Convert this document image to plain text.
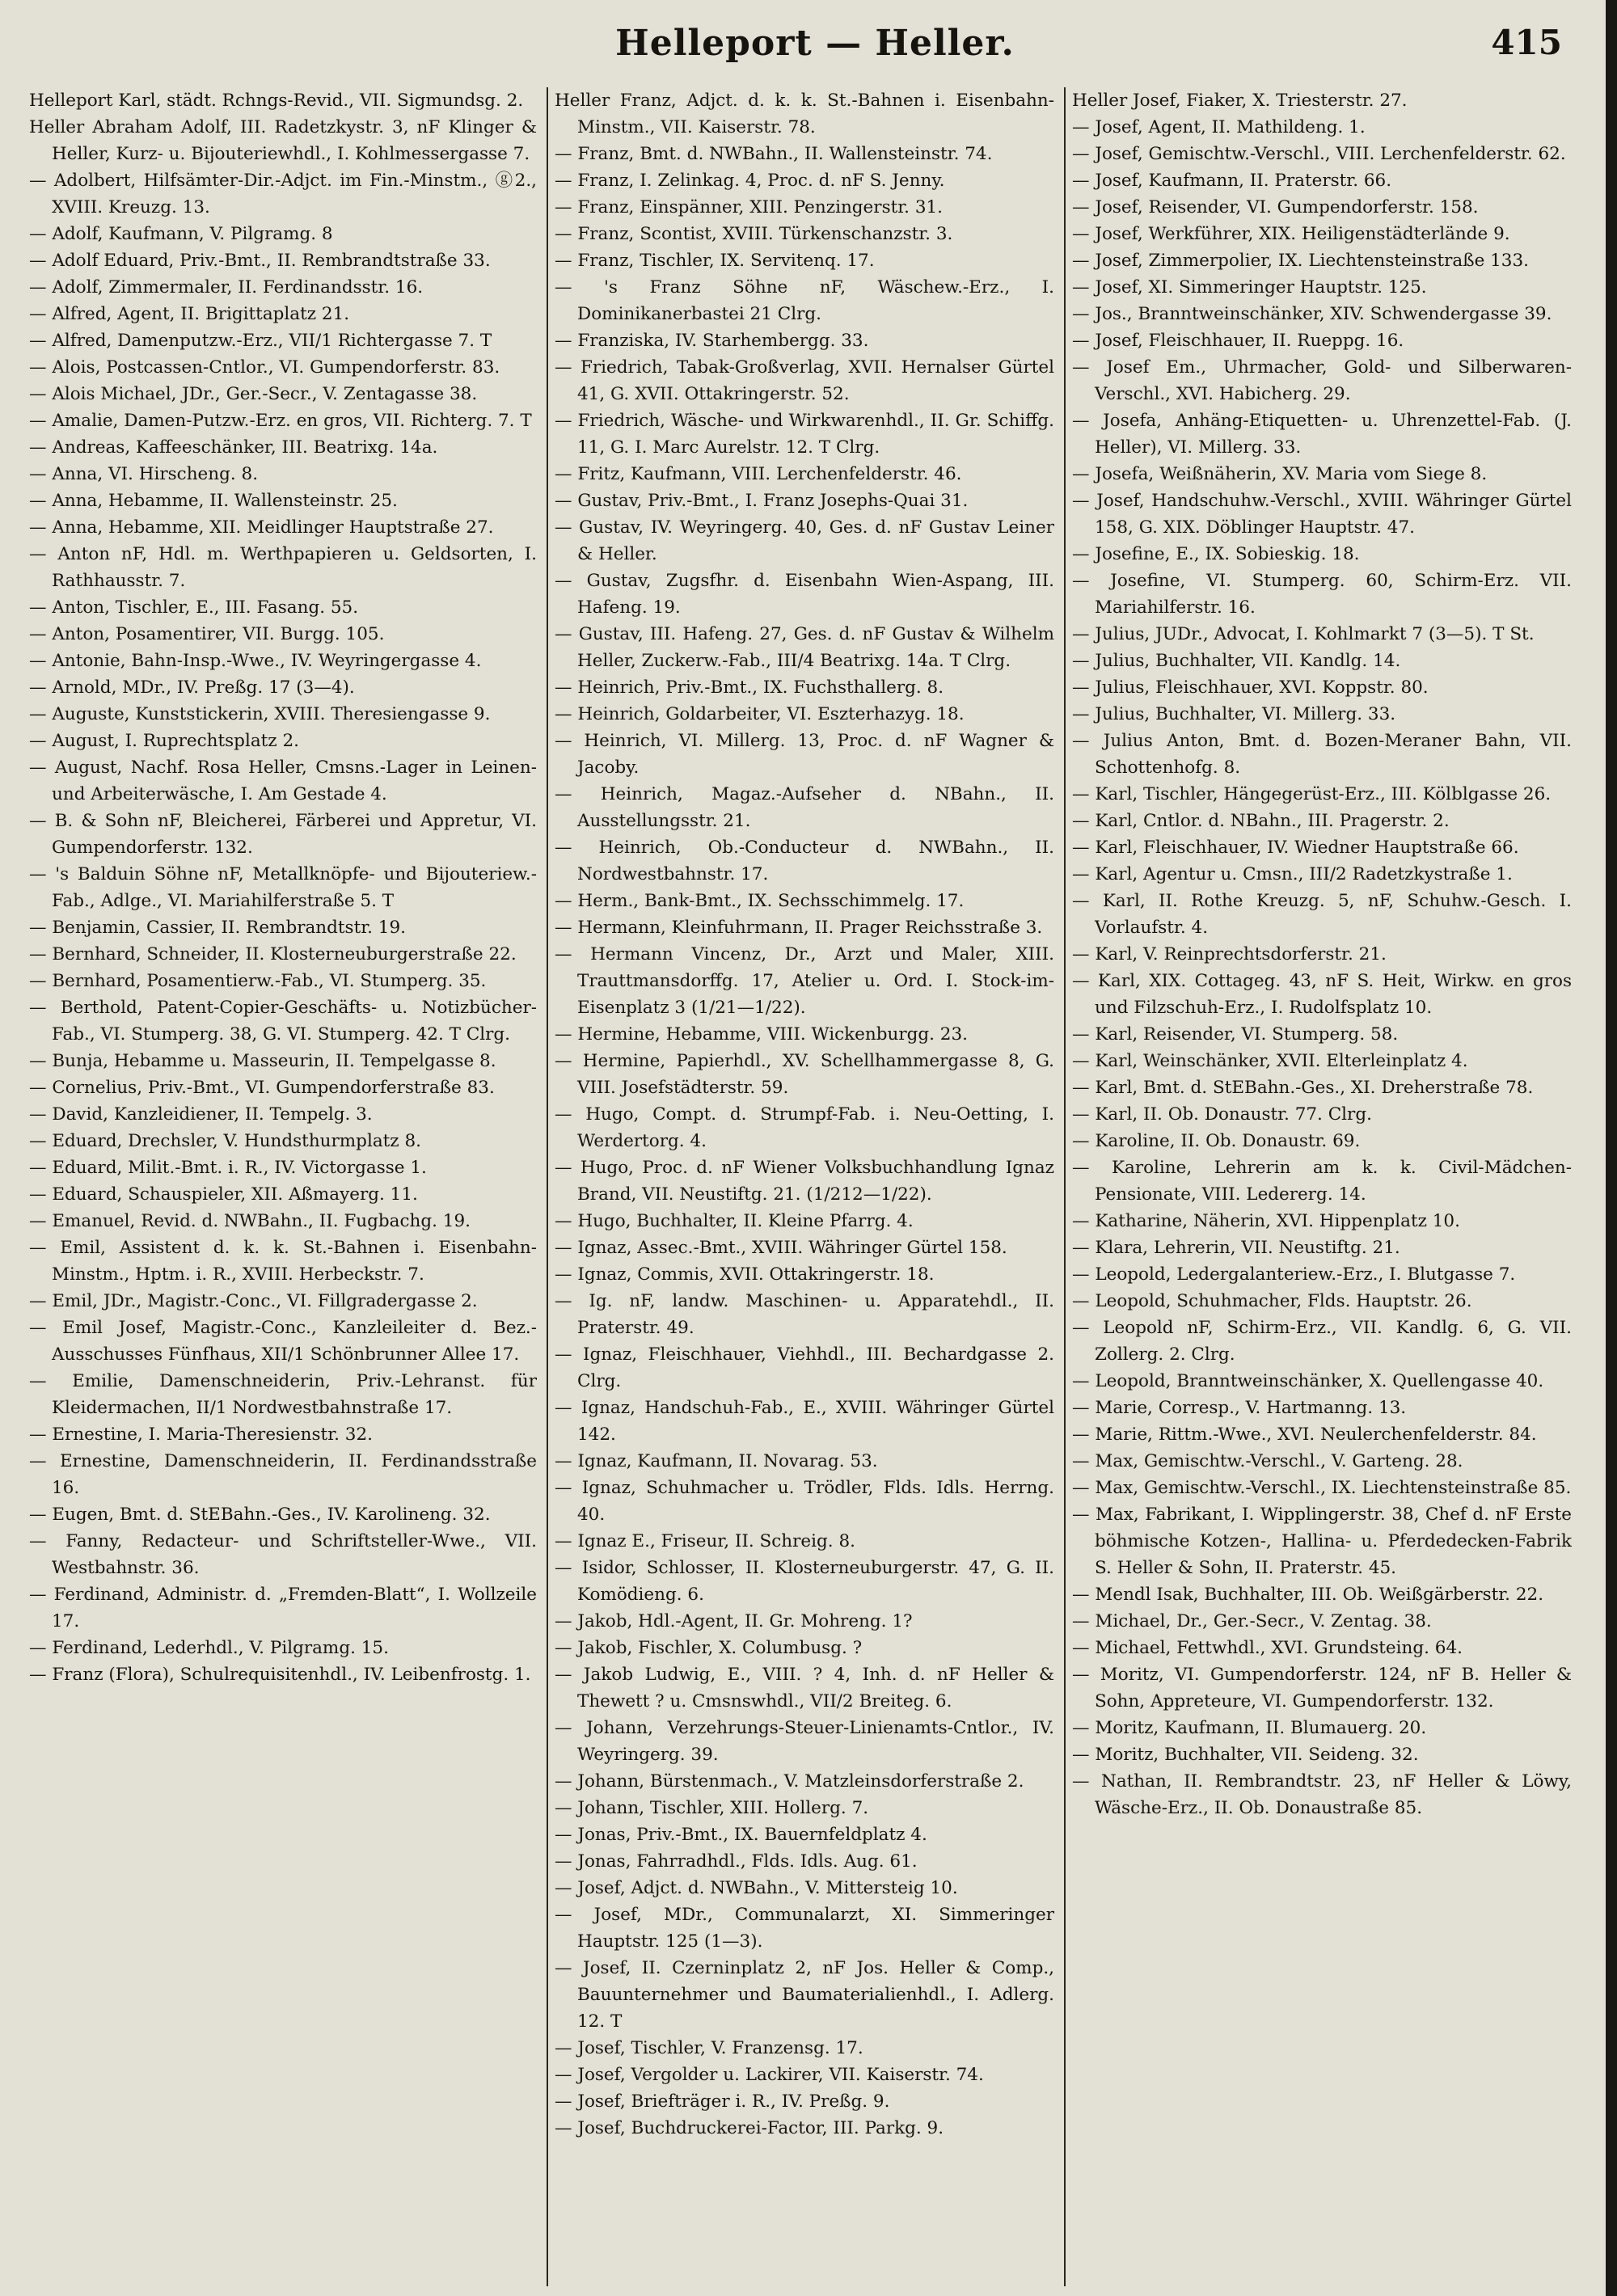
Helleport — Heller.	415

Helleport Karl, städt. Rchngs-Revid., VII. Sigmundsg. 2.

Heller Abraham Adolf, III. Radetzkystr. 3, nF Klinger & Heller, Kurz- u. Bijouteriewhdl., I. Kohlmessergasse 7.

— Adolbert, Hilfsämter-Dir.-Adjct. im Fin.-Minstm., ⓖ2., XVIII. Kreuzg. 13.

— Adolf, Kaufmann, V. Pilgramg. 8

— Adolf Eduard, Priv.-Bmt., II. Rembrandtstraße 33.

— Adolf, Zimmermaler, II. Ferdinandsstr. 16.

— Alfred, Agent, II. Brigittaplatz 21.

— Alfred, Damenputzw.-Erz., VII/1 Richtergasse 7. T

— Alois, Postcassen-Cntlor., VI. Gumpendorferstr. 83.

— Alois Michael, JDr., Ger.-Secr., V. Zentagasse 38.

— Amalie, Damen-Putzw.-Erz. en gros, VII. Richterg. 7. T

— Andreas, Kaffeeschänker, III. Beatrixg. 14a.

— Anna, VI. Hirscheng. 8.

— Anna, Hebamme, II. Wallensteinstr. 25.

— Anna, Hebamme, XII. Meidlinger Hauptstraße 27.

— Anton nF, Hdl. m. Werthpapieren u. Geldsorten, I. Rathhausstr. 7.

— Anton, Tischler, E., III. Fasang. 55.

— Anton, Posamentirer, VII. Burgg. 105.

— Antonie, Bahn-Insp.-Wwe., IV. Weyringergasse 4.

— Arnold, MDr., IV. Preßg. 17 (3—4).

— Auguste, Kunststickerin, XVIII. Theresiengasse 9.

— August, I. Ruprechtsplatz 2.

— August, Nachf. Rosa Heller, Cmsns.-Lager in Leinen- und Arbeiterwäsche, I. Am Gestade 4.

— B. & Sohn nF, Bleicherei, Färberei und Appretur, VI. Gumpendorferstr. 132.

— 's Balduin Söhne nF, Metallknöpfe- und Bijouteriew.-Fab., Adlge., VI. Mariahilferstraße 5. T

— Benjamin, Cassier, II. Rembrandtstr. 19.

— Bernhard, Schneider, II. Klosterneuburgerstraße 22.

— Bernhard, Posamentierw.-Fab., VI. Stumperg. 35.

— Berthold, Patent-Copier-Geschäfts- u. Notizbücher-Fab., VI. Stumperg. 38, G. VI. Stumperg. 42. T Clrg.

— Bunja, Hebamme u. Masseurin, II. Tempelgasse 8.

— Cornelius, Priv.-Bmt., VI. Gumpendorferstraße 83.

— David, Kanzleidiener, II. Tempelg. 3.

— Eduard, Drechsler, V. Hundsthurmplatz 8.

— Eduard, Milit.-Bmt. i. R., IV. Victorgasse 1.

— Eduard, Schauspieler, XII. Aßmayerg. 11.

— Emanuel, Revid. d. NWBahn., II. Fugbachg. 19.

— Emil, Assistent d. k. k. St.-Bahnen i. Eisenbahn-Minstm., Hptm. i. R., XVIII. Herbeckstr. 7.

— Emil, JDr., Magistr.-Conc., VI. Fillgradergasse 2.

— Emil Josef, Magistr.-Conc., Kanzleileiter d. Bez.-Ausschusses Fünfhaus, XII/1 Schönbrunner Allee 17.

— Emilie, Damenschneiderin, Priv.-Lehranst. für Kleidermachen, II/1 Nordwestbahnstraße 17.

— Ernestine, I. Maria-Theresienstr. 32.

— Ernestine, Damenschneiderin, II. Ferdinandsstraße 16.

— Eugen, Bmt. d. StEBahn.-Ges., IV. Karolineng. 32.

— Fanny, Redacteur- und Schriftsteller-Wwe., VII. Westbahnstr. 36.

— Ferdinand, Administr. d. „Fremden-Blatt“, I. Wollzeile 17.

— Ferdinand, Lederhdl., V. Pilgramg. 15.

— Franz (Flora), Schulrequisitenhdl., IV. Leibenfrostg. 1.

Heller Franz, Adjct. d. k. k. St.-Bahnen i. Eisenbahn-Minstm., VII. Kaiserstr. 78.

— Franz, Bmt. d. NWBahn., II. Wallensteinstr. 74.

— Franz, I. Zelinkag. 4, Proc. d. nF S. Jenny.

— Franz, Einspänner, XIII. Penzingerstr. 31.

— Franz, Scontist, XVIII. Türkenschanzstr. 3.

— Franz, Tischler, IX. Servitenq. 17.

— 's Franz Söhne nF, Wäschew.-Erz., I. Dominikanerbastei 21 Clrg.

— Franziska, IV. Starhembergg. 33.

— Friedrich, Tabak-Großverlag, XVII. Hernalser Gürtel 41, G. XVII. Ottakringerstr. 52.

— Friedrich, Wäsche- und Wirkwarenhdl., II. Gr. Schiffg. 11, G. I. Marc Aurelstr. 12. T Clrg.

— Fritz, Kaufmann, VIII. Lerchenfelderstr. 46.

— Gustav, Priv.-Bmt., I. Franz Josephs-Quai 31.

— Gustav, IV. Weyringerg. 40, Ges. d. nF Gustav Leiner & Heller.

— Gustav, Zugsfhr. d. Eisenbahn Wien-Aspang, III. Hafeng. 19.

— Gustav, III. Hafeng. 27, Ges. d. nF Gustav & Wilhelm Heller, Zuckerw.-Fab., III/4 Beatrixg. 14a. T Clrg.

— Heinrich, Priv.-Bmt., IX. Fuchsthallerg. 8.

— Heinrich, Goldarbeiter, VI. Eszterhazyg. 18.

— Heinrich, VI. Millerg. 13, Proc. d. nF Wagner & Jacoby.

— Heinrich, Magaz.-Aufseher d. NBahn., II. Ausstellungsstr. 21.

— Heinrich, Ob.-Conducteur d. NWBahn., II. Nordwestbahnstr. 17.

— Herm., Bank-Bmt., IX. Sechsschimmelg. 17.

— Hermann, Kleinfuhrmann, II. Prager Reichsstraße 3.

— Hermann Vincenz, Dr., Arzt und Maler, XIII. Trauttmansdorffg. 17, Atelier u. Ord. I. Stock-im-Eisenplatz 3 (1/21—1/22).

— Hermine, Hebamme, VIII. Wickenburgg. 23.

— Hermine, Papierhdl., XV. Schellhammergasse 8, G. VIII. Josefstädterstr. 59.

— Hugo, Compt. d. Strumpf-Fab. i. Neu-Oetting, I. Werdertorg. 4.

— Hugo, Proc. d. nF Wiener Volksbuchhandlung Ignaz Brand, VII. Neustiftg. 21. (1/212—1/22).

— Hugo, Buchhalter, II. Kleine Pfarrg. 4.

— Ignaz, Assec.-Bmt., XVIII. Währinger Gürtel 158.

— Ignaz, Commis, XVII. Ottakringerstr. 18.

— Ig. nF, landw. Maschinen- u. Apparatehdl., II. Praterstr. 49.

— Ignaz, Fleischhauer, Viehhdl., III. Bechardgasse 2. Clrg.

— Ignaz, Handschuh-Fab., E., XVIII. Währinger Gürtel 142.

— Ignaz, Kaufmann, II. Novarag. 53.

— Ignaz, Schuhmacher u. Trödler, Flds. Idls. Herrng. 40.

— Ignaz E., Friseur, II. Schreig. 8.

— Isidor, Schlosser, II. Klosterneuburgerstr. 47, G. II. Komödieng. 6.

— Jakob, Hdl.-Agent, II. Gr. Mohreng. 1?

— Jakob, Fischler, X. Columbusg. ?

— Jakob Ludwig, E., VIII. ? 4, Inh. d. nF Heller & Thewett ? u. Cmsnswhdl., VII/2 Breiteg. 6.

— Johann, Verzehrungs-Steuer-Linienamts-Cntlor., IV. Weyringerg. 39.

— Johann, Bürstenmach., V. Matzleinsdorferstraße 2.

— Johann, Tischler, XIII. Hollerg. 7.

— Jonas, Priv.-Bmt., IX. Bauernfeldplatz 4.

— Jonas, Fahrradhdl., Flds. Idls. Aug. 61.

— Josef, Adjct. d. NWBahn., V. Mittersteig 10.

— Josef, MDr., Communalarzt, XI. Simmeringer Hauptstr. 125 (1—3).

— Josef, II. Czerninplatz 2, nF Jos. Heller & Comp., Bauunternehmer und Baumaterialienhdl., I. Adlerg. 12. T

— Josef, Tischler, V. Franzensg. 17.

— Josef, Vergolder u. Lackirer, VII. Kaiserstr. 74.

— Josef, Briefträger i. R., IV. Preßg. 9.

— Josef, Buchdruckerei-Factor, III. Parkg. 9.

Heller Josef, Fiaker, X. Triesterstr. 27.

— Josef, Agent, II. Mathildeng. 1.

— Josef, Gemischtw.-Verschl., VIII. Lerchenfelderstr. 62.

— Josef, Kaufmann, II. Praterstr. 66.

— Josef, Reisender, VI. Gumpendorferstr. 158.

— Josef, Werkführer, XIX. Heiligenstädterlände 9.

— Josef, Zimmerpolier, IX. Liechtensteinstraße 133.

— Josef, XI. Simmeringer Hauptstr. 125.

— Jos., Branntweinschänker, XIV. Schwendergasse 39.

— Josef, Fleischhauer, II. Rueppg. 16.

— Josef Em., Uhrmacher, Gold- und Silberwaren-Verschl., XVI. Habicherg. 29.

— Josefa, Anhäng-Etiquetten- u. Uhrenzettel-Fab. (J. Heller), VI. Millerg. 33.

— Josefa, Weißnäherin, XV. Maria vom Siege 8.

— Josef, Handschuhw.-Verschl., XVIII. Währinger Gürtel 158, G. XIX. Döblinger Hauptstr. 47.

— Josefine, E., IX. Sobieskig. 18.

— Josefine, VI. Stumperg. 60, Schirm-Erz. VII. Mariahilferstr. 16.

— Julius, JUDr., Advocat, I. Kohlmarkt 7 (3—5). T St.

— Julius, Buchhalter, VII. Kandlg. 14.

— Julius, Fleischhauer, XVI. Koppstr. 80.

— Julius, Buchhalter, VI. Millerg. 33.

— Julius Anton, Bmt. d. Bozen-Meraner Bahn, VII. Schottenhofg. 8.

— Karl, Tischler, Hängegerüst-Erz., III. Kölblgasse 26.

— Karl, Cntlor. d. NBahn., III. Pragerstr. 2.

— Karl, Fleischhauer, IV. Wiedner Hauptstraße 66.

— Karl, Agentur u. Cmsn., III/2 Radetzkystraße 1.

— Karl, II. Rothe Kreuzg. 5, nF, Schuhw.-Gesch. I. Vorlaufstr. 4.

— Karl, V. Reinprechtsdorferstr. 21.

— Karl, XIX. Cottageg. 43, nF S. Heit, Wirkw. en gros und Filzschuh-Erz., I. Rudolfsplatz 10.

— Karl, Reisender, VI. Stumperg. 58.

— Karl, Weinschänker, XVII. Elterleinplatz 4.

— Karl, Bmt. d. StEBahn.-Ges., XI. Dreherstraße 78.

— Karl, II. Ob. Donaustr. 77. Clrg.

— Karoline, II. Ob. Donaustr. 69.

— Karoline, Lehrerin am k. k. Civil-Mädchen-Pensionate, VIII. Ledererg. 14.

— Katharine, Näherin, XVI. Hippenplatz 10.

— Klara, Lehrerin, VII. Neustiftg. 21.

— Leopold, Ledergalanteriew.-Erz., I. Blutgasse 7.

— Leopold, Schuhmacher, Flds. Hauptstr. 26.

— Leopold nF, Schirm-Erz., VII. Kandlg. 6, G. VII. Zollerg. 2. Clrg.

— Leopold, Branntweinschänker, X. Quellengasse 40.

— Marie, Corresp., V. Hartmanng. 13.

— Marie, Rittm.-Wwe., XVI. Neulerchenfelderstr. 84.

— Max, Gemischtw.-Verschl., V. Garteng. 28.

— Max, Gemischtw.-Verschl., IX. Liechtensteinstraße 85.

— Max, Fabrikant, I. Wipplingerstr. 38, Chef d. nF Erste böhmische Kotzen-, Hallina- u. Pferdedecken-Fabrik S. Heller & Sohn, II. Praterstr. 45.

— Mendl Isak, Buchhalter, III. Ob. Weißgärberstr. 22.

— Michael, Dr., Ger.-Secr., V. Zentag. 38.

— Michael, Fettwhdl., XVI. Grundsteing. 64.

— Moritz, VI. Gumpendorferstr. 124, nF B. Heller & Sohn, Appreteure, VI. Gumpendorferstr. 132.

— Moritz, Kaufmann, II. Blumauerg. 20.

— Moritz, Buchhalter, VII. Seideng. 32.

— Nathan, II. Rembrandtstr. 23, nF Heller & Löwy, Wäsche-Erz., II. Ob. Donaustraße 85.
